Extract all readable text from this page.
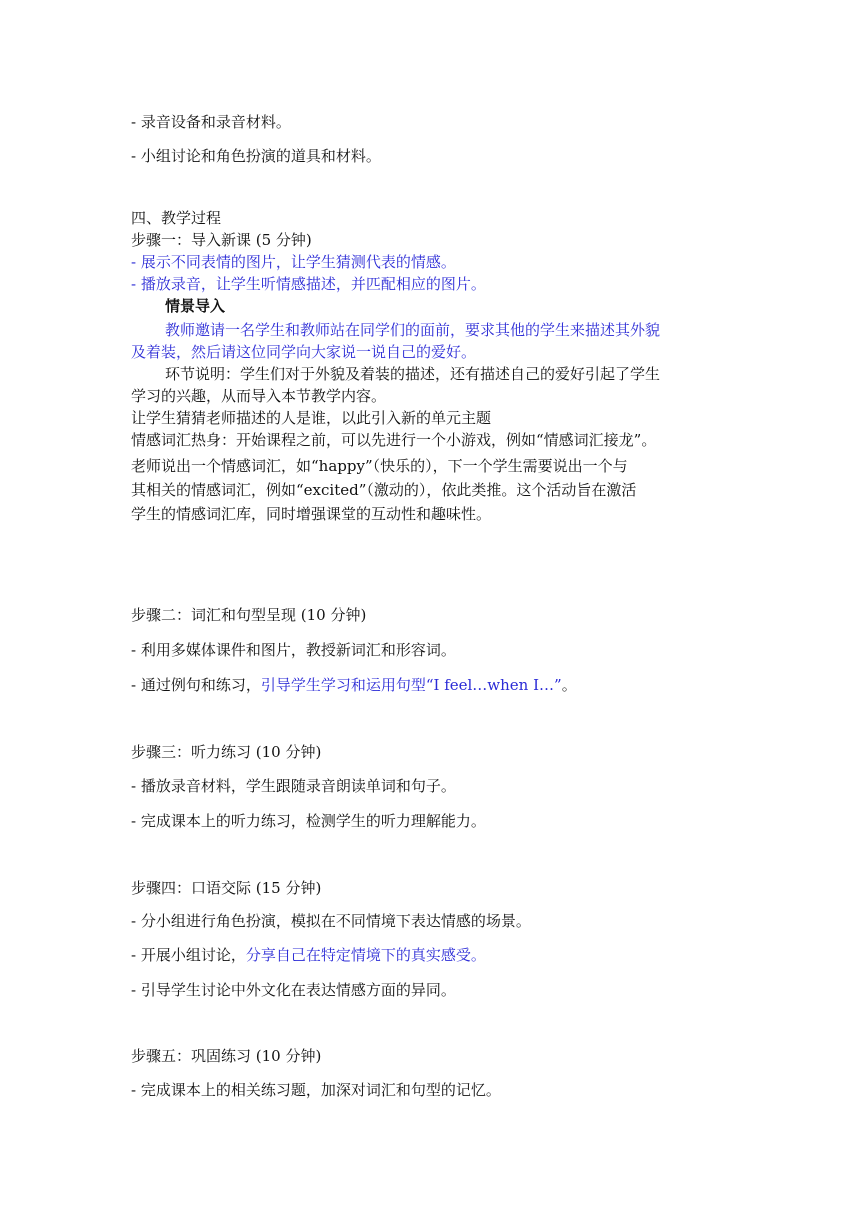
- 录音设备和录音材料。
- 小组讨论和角色扮演的道具和材料。
四、教学过程
步骤一：导入新课 (5 分钟)
- 展示不同表情的图片，让学生猜测代表的情感。
- 播放录音，让学生听情感描述，并匹配相应的图片。
情景导入
教师邀请一名学生和教师站在同学们的面前，要求其他的学生来描述其外貌
及着装，然后请这位同学向大家说一说自己的爱好。
环节说明：学生们对于外貌及着装的描述，还有描述自己的爱好引起了学生
学习的兴趣，从而导入本节教学内容。
让学生猜猜老师描述的人是谁，以此引入新的单元主题
情感词汇热身：开始课程之前，可以先进行一个小游戏，例如“情感词汇接龙”。
老师说出一个情感词汇，如“happy”（快乐的），下一个学生需要说出一个与
其相关的情感词汇，例如“excited”（激动的），依此类推。这个活动旨在激活
学生的情感词汇库，同时增强课堂的互动性和趣味性。
步骤二：词汇和句型呈现 (10 分钟)
- 利用多媒体课件和图片，教授新词汇和形容词。
- 通过例句和练习，引导学生学习和运用句型“I feel…when I…”。
步骤三：听力练习 (10 分钟)
- 播放录音材料，学生跟随录音朗读单词和句子。
- 完成课本上的听力练习，检测学生的听力理解能力。
步骤四：口语交际 (15 分钟)
- 分小组进行角色扮演，模拟在不同情境下表达情感的场景。
- 开展小组讨论，分享自己在特定情境下的真实感受。
- 引导学生讨论中外文化在表达情感方面的异同。
步骤五：巩固练习 (10 分钟)
- 完成课本上的相关练习题，加深对词汇和句型的记忆。
